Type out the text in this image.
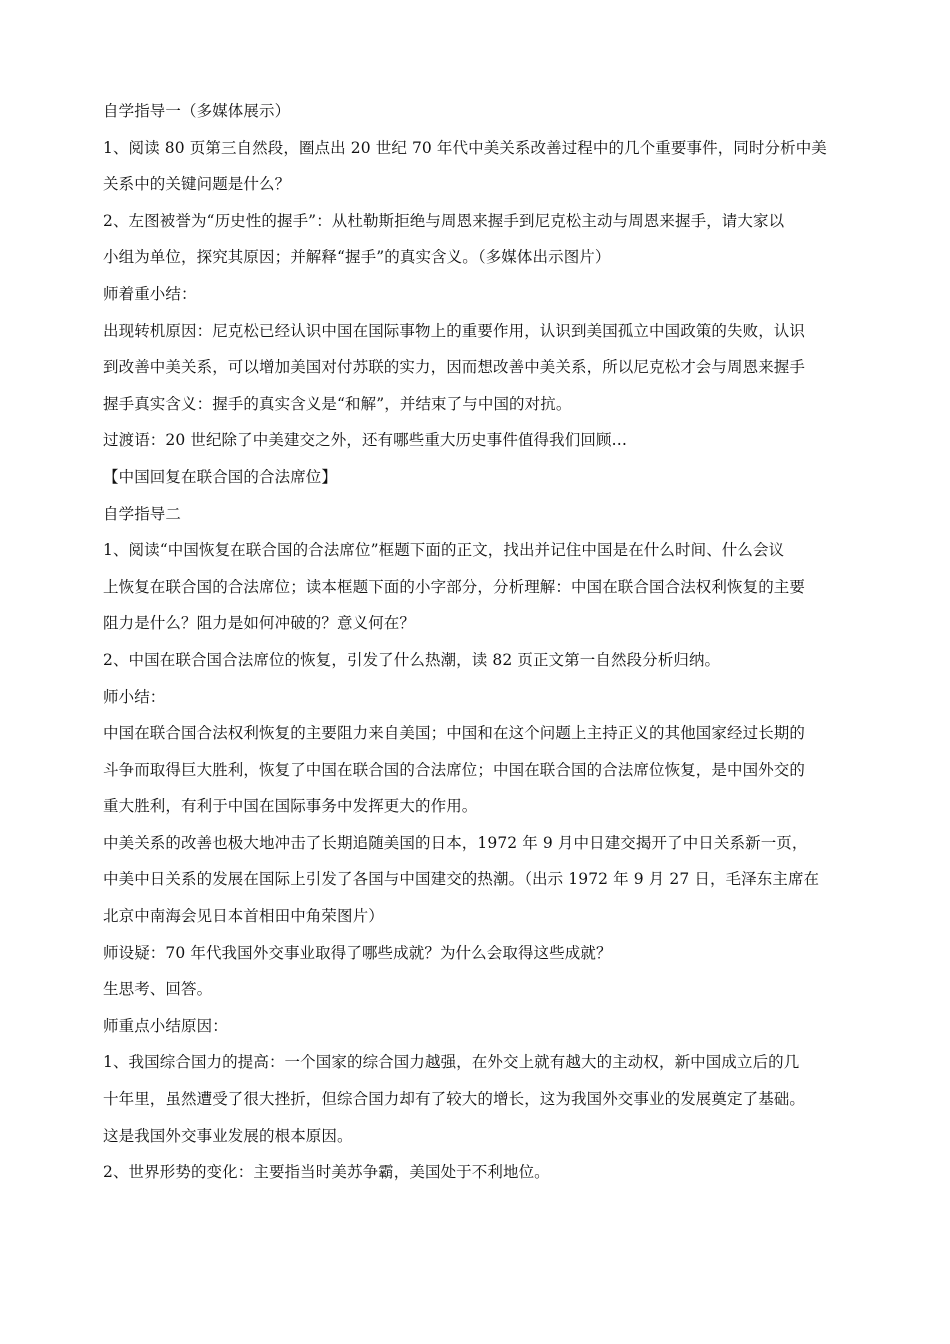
自学指导一（多媒体展示）
1、阅读 80 页第三自然段，圈点出 20 世纪 70 年代中美关系改善过程中的几个重要事件，同时分析中美
关系中的关键问题是什么？
2、左图被誉为“历史性的握手”：从杜勒斯拒绝与周恩来握手到尼克松主动与周恩来握手，请大家以
小组为单位，探究其原因；并解释“握手”的真实含义。（多媒体出示图片）
师着重小结：
出现转机原因：尼克松已经认识中国在国际事物上的重要作用，认识到美国孤立中国政策的失败，认识
到改善中美关系，可以增加美国对付苏联的实力，因而想改善中美关系，所以尼克松才会与周恩来握手
握手真实含义：握手的真实含义是“和解”，并结束了与中国的对抗。
过渡语：20 世纪除了中美建交之外，还有哪些重大历史事件值得我们回顾…
【中国回复在联合国的合法席位】
自学指导二
1、阅读“中国恢复在联合国的合法席位”框题下面的正文，找出并记住中国是在什么时间、什么会议
上恢复在联合国的合法席位；读本框题下面的小字部分，分析理解：中国在联合国合法权利恢复的主要
阻力是什么？阻力是如何冲破的？意义何在？
2、中国在联合国合法席位的恢复，引发了什么热潮，读 82 页正文第一自然段分析归纳。
师小结：
中国在联合国合法权利恢复的主要阻力来自美国；中国和在这个问题上主持正义的其他国家经过长期的
斗争而取得巨大胜利，恢复了中国在联合国的合法席位；中国在联合国的合法席位恢复，是中国外交的
重大胜利，有利于中国在国际事务中发挥更大的作用。
中美关系的改善也极大地冲击了长期追随美国的日本，1972 年 9 月中日建交揭开了中日关系新一页，
中美中日关系的发展在国际上引发了各国与中国建交的热潮。（出示 1972 年 9 月 27 日，毛泽东主席在
北京中南海会见日本首相田中角荣图片）
师设疑：70 年代我国外交事业取得了哪些成就？为什么会取得这些成就？
生思考、回答。
师重点小结原因：
1、我国综合国力的提高：一个国家的综合国力越强，在外交上就有越大的主动权，新中国成立后的几
十年里，虽然遭受了很大挫折，但综合国力却有了较大的增长，这为我国外交事业的发展奠定了基础。
这是我国外交事业发展的根本原因。
2、世界形势的变化：主要指当时美苏争霸，美国处于不利地位。
